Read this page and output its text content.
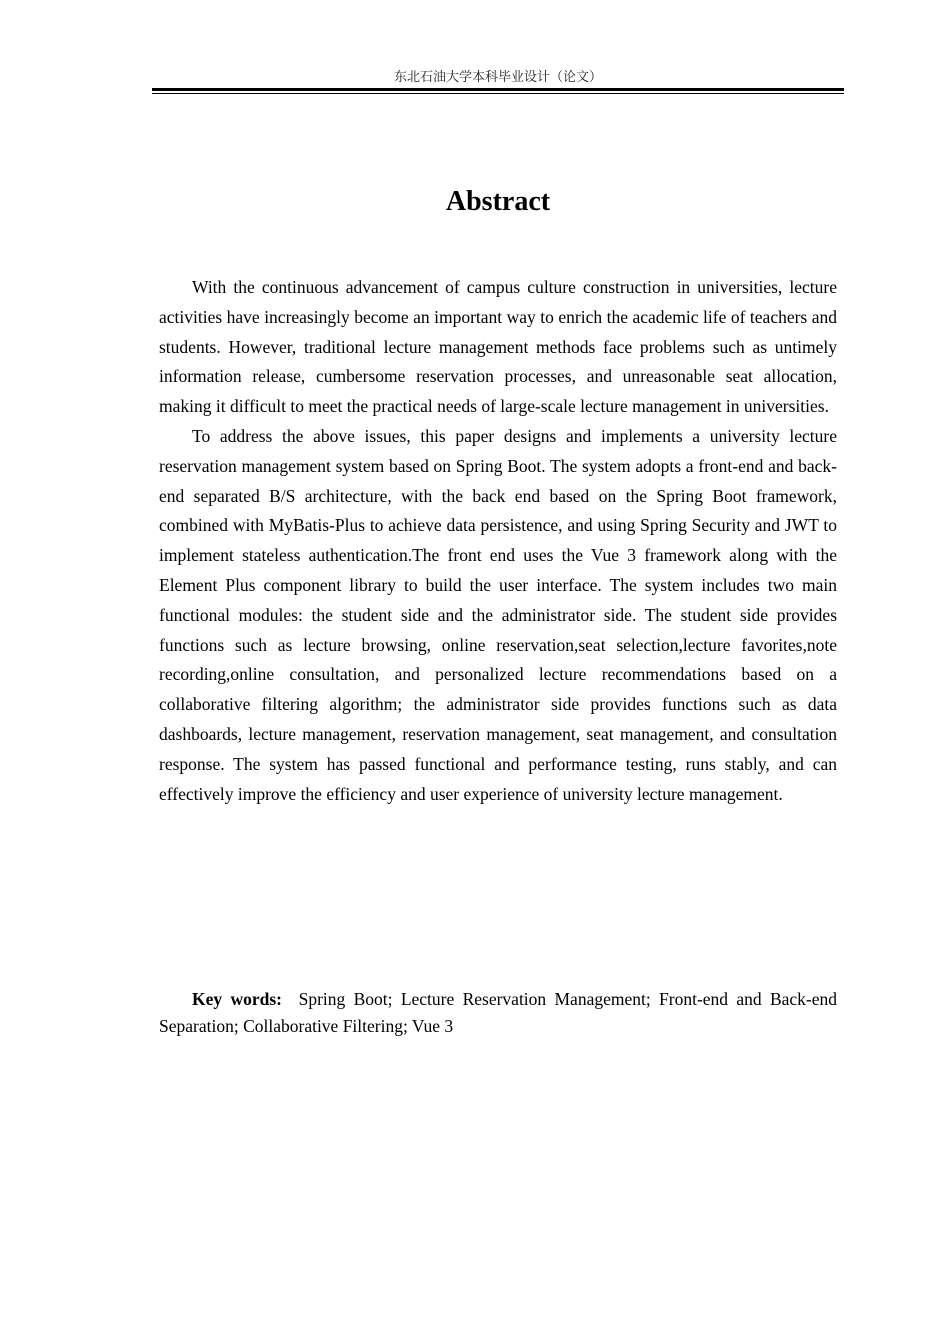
东北石油大学本科毕业设计（论文）
Abstract

With the continuous advancement of campus culture construction in universities, lecture activities have increasingly become an important way to enrich the academic life of teachers and students. However, traditional lecture management methods face problems such as untimely information release, cumbersome reservation processes, and unreasonable seat allocation, making it difficult to meet the practical needs of large-scale lecture management in universities.

To address the above issues, this paper designs and implements a university lecture reservation management system based on Spring Boot. The system adopts a front-end and back-end separated B/S architecture, with the back end based on the Spring Boot framework, combined with MyBatis-Plus to achieve data persistence, and using Spring Security and JWT to implement stateless authentication.The front end uses the Vue 3 framework along with the Element Plus component library to build the user interface. The system includes two main functional modules: the student side and the administrator side. The student side provides functions such as lecture browsing, online reservation,seat selection,lecture favorites,note recording,online consultation, and personalized lecture recommendations based on a collaborative filtering algorithm; the administrator side provides functions such as data dashboards, lecture management, reservation management, seat management, and consultation response. The system has passed functional and performance testing, runs stably, and can effectively improve the efficiency and user experience of university lecture management.

Key words: Spring Boot; Lecture Reservation Management; Front-end and Back-end Separation; Collaborative Filtering; Vue 3
